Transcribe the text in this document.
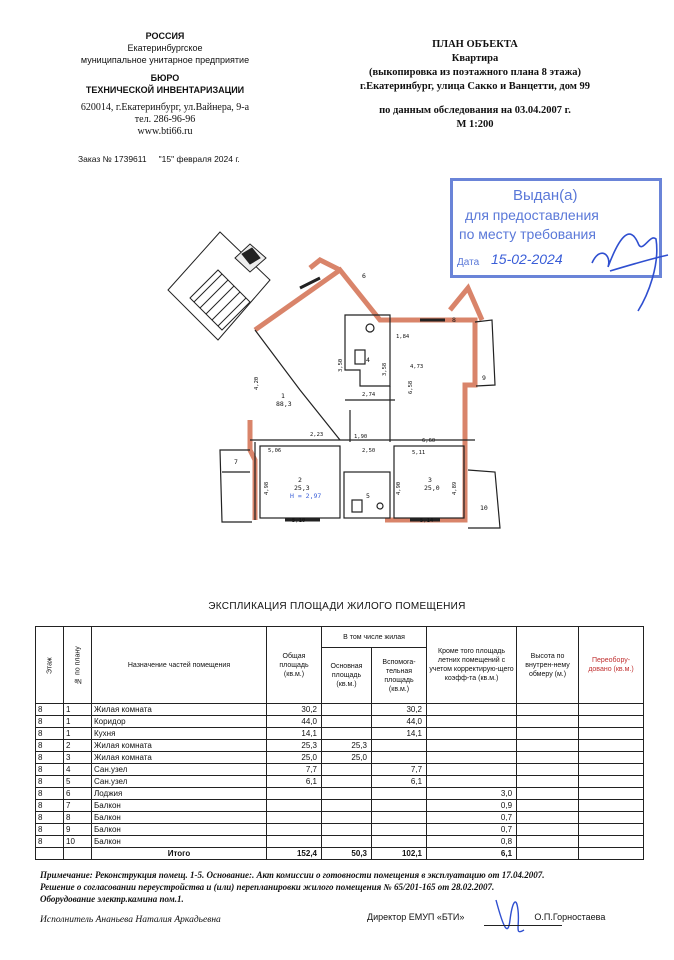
РОССИЯ
Екатеринбургское
муниципальное унитарное предприятие
БЮРО
ТЕХНИЧЕСКОЙ ИНВЕНТАРИЗАЦИИ
620014, г.Екатеринбург, ул.Вайнера, 9-а
тел. 286-96-96
www.bti66.ru
Заказ № 1739611 "15" февраля 2024 г.
ПЛАН ОБЪЕКТА
Квартира
(выкопировка из поэтажного плана 8 этажа)
г.Екатеринбург, улица Сакко и Ванцетти, дом 99
по данным обследования на 03.04.2007 г.
М 1:200
Выдан(а)
для предоставления
по месту требования
Дата 15-02-2024
1
88,3
2
25,3
H = 2,97
3
25,0
4
5
6
7
8
9
10
6,58
4,73
5,11
6,60
5,06
5,10	5,14
4,98	4,90	4,89
3,58
2,74
2,50
1,90
2,23
1,84
4,20
3,50
ЭКСПЛИКАЦИЯ ПЛОЩАДИ ЖИЛОГО ПОМЕЩЕНИЯ
Этаж	№ по плану	Назначение частей помещения	Общая площадь (кв.м.)	В том числе жилая		Кроме того площадь летних помещений с учетом корректирую-щего коэфф-та (кв.м.)	Высота по внутрен-нему обмеру (м.)	Переобору-довано (кв.м.)
				Основная площадь (кв.м.)	Вспомога-тельная площадь (кв.м.)			
8	1	Жилая комната	30,2		30,2			
8	1	Коридор	44,0		44,0			
8	1	Кухня	14,1		14,1			
8	2	Жилая комната	25,3	25,3				
8	3	Жилая комната	25,0	25,0				
8	4	Сан.узел	7,7		7,7			
8	5	Сан.узел	6,1		6,1			
8	6	Лоджия				3,0		
8	7	Балкон				0,9		
8	8	Балкон				0,7		
8	9	Балкон				0,7		
8	10	Балкон				0,8		
		Итого	152,4	50,3	102,1	6,1		
Примечание: Реконструкция помещ. 1-5. Основание:. Акт комиссии о готовности помещения в эксплуатацию от 17.04.2007.
Решение о согласовании переустройства и (или) перепланировки жилого помещения № 65/201-165 от 28.02.2007.
Оборудование электр.камина пом.1.
Исполнитель Ананьева Наталия Аркадьевна	Директор ЕМУП «БТИ»	О.П.Горностаева
